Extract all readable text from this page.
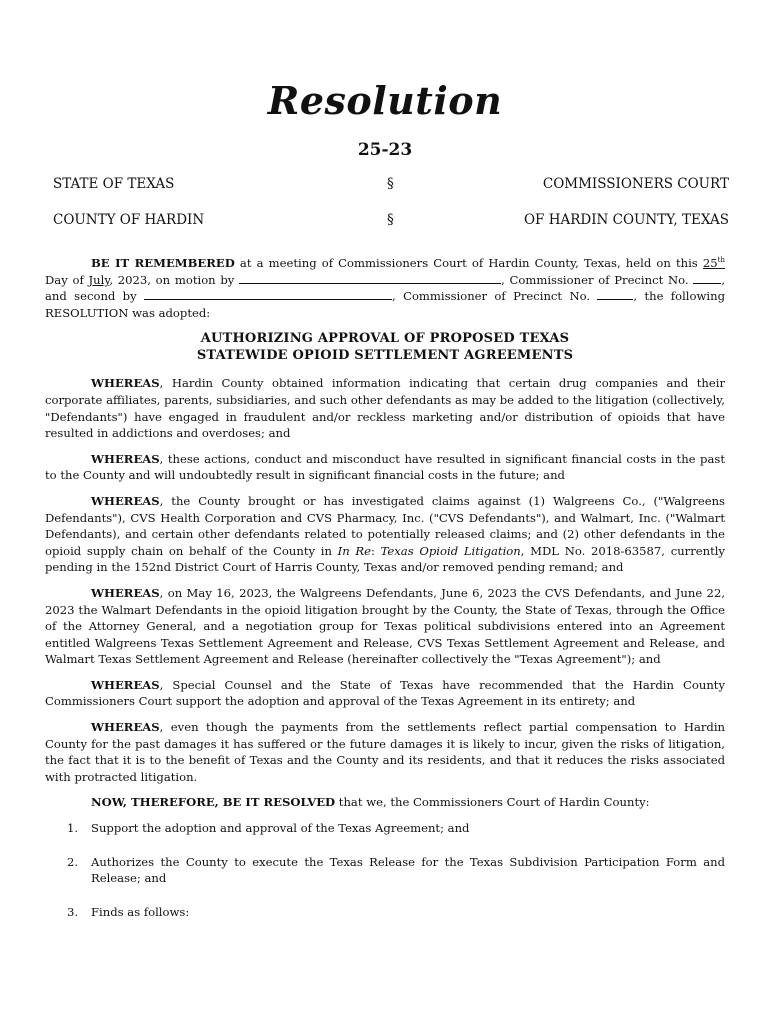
Resolution
25-23
STATE OF TEXAS	§	COMMISSIONERS COURT
COUNTY OF HARDIN	§	OF HARDIN COUNTY, TEXAS

BE IT REMEMBERED at a meeting of Commissioners Court of Hardin County, Texas, held on this 25th Day of July, 2023, on motion by	, Commissioner of Precinct No. , and second by	, Commissioner of Precinct No.	, the following RESOLUTION was adopted:

AUTHORIZING APPROVAL OF PROPOSED TEXAS
STATEWIDE OPIOID SETTLEMENT AGREEMENTS

WHEREAS, Hardin County obtained information indicating that certain drug companies and their corporate affiliates, parents, subsidiaries, and such other defendants as may be added to the litigation (collectively, "Defendants") have engaged in fraudulent and/or reckless marketing and/or distribution of opioids that have resulted in addictions and overdoses; and

WHEREAS, these actions, conduct and misconduct have resulted in significant financial costs in the past to the County and will undoubtedly result in significant financial costs in the future; and

WHEREAS, the County brought or has investigated claims against (1) Walgreens Co., ("Walgreens Defendants"), CVS Health Corporation and CVS Pharmacy, Inc. ("CVS Defendants"), and Walmart, Inc. ("Walmart Defendants), and certain other defendants related to potentially released claims; and (2) other defendants in the opioid supply chain on behalf of the County in In Re: Texas Opioid Litigation, MDL No. 2018-63587, currently pending in the 152nd District Court of Harris County, Texas and/or removed pending remand; and

WHEREAS, on May 16, 2023, the Walgreens Defendants, June 6, 2023 the CVS Defendants, and June 22, 2023 the Walmart Defendants in the opioid litigation brought by the County, the State of Texas, through the Office of the Attorney General, and a negotiation group for Texas political subdivisions entered into an Agreement entitled Walgreens Texas Settlement Agreement and Release, CVS Texas Settlement Agreement and Release, and Walmart Texas Settlement Agreement and Release (hereinafter collectively the "Texas Agreement"); and

WHEREAS, Special Counsel and the State of Texas have recommended that the Hardin County Commissioners Court support the adoption and approval of the Texas Agreement in its entirety; and

WHEREAS, even though the payments from the settlements reflect partial compensation to Hardin County for the past damages it has suffered or the future damages it is likely to incur, given the risks of litigation, the fact that it is to the benefit of Texas and the County and its residents, and that it reduces the risks associated with protracted litigation.

NOW, THEREFORE, BE IT RESOLVED that we, the Commissioners Court of Hardin County:

1. Support the adoption and approval of the Texas Agreement; and
2. Authorizes the County to execute the Texas Release for the Texas Subdivision Participation Form and Release; and
3. Finds as follows:
